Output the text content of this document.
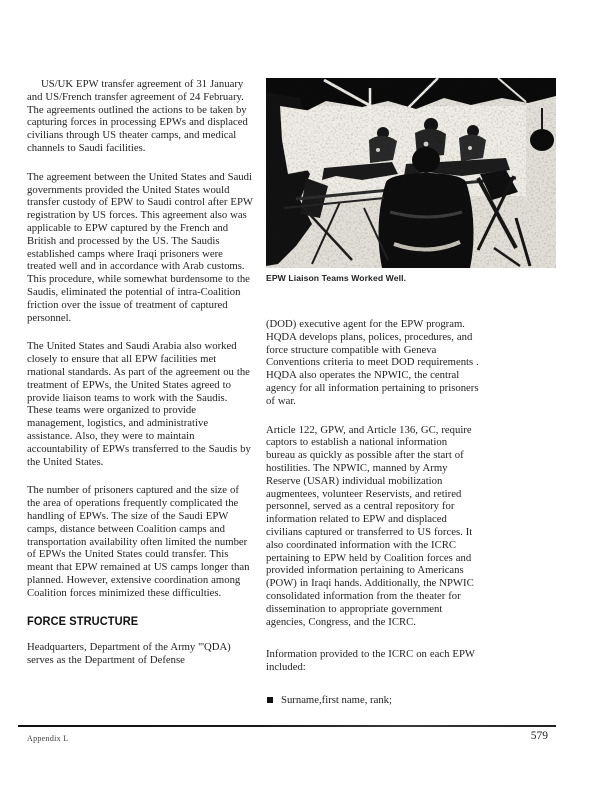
US/UK EPW transfer agreement of 31 January and US/French transfer agreement of 24 February. The agreements outlined the actions to be taken by capturing forces in processing EPWs and displaced civilians through US theater camps, and medical channels to Saudi facilities.

The agreement between the United States and Saudi governments provided the United States would transfer custody of EPW to Saudi control after EPW registration by US forces. This agreement also was applicable to EPW captured by the French and British and processed by the US. The Saudis established camps where Iraqi prisoners were treated well and in accordance with Arab customs. This procedure, while somewhat burdensome to the Saudis, eliminated the potential of intra-Coalition friction over the issue of treatment of captured personnel.

The United States and Saudi Arabia also worked closely to ensure that all EPW facilities met rnational standards. As part of the agreement ou the treatment of EPWs, the United States agreed to provide liaison teams to work with the Saudis. These teams were organized to provide management, logistics, and administrative assistance. Also, they were to maintain accountability of EPWs transferred to the Saudis by the United States.

The number of prisoners captured and the size of the area of operations frequently complicated the handling of EPWs. The size of the Saudi EPW camps, distance between Coalition camps and transportation availability often limited the number of EPWs the United States could transfer. This meant that EPW remained at US camps longer than planned. However, extensive coordination among Coalition forces minimized these difficulties.

FORCE STRUCTURE

Headquarters, Department of the Army '''QDA) serves as the Department of Defense

EPW Liaison Teams Worked Well.

(DOD) executive agent for the EPW program. HQDA develops plans, polices, procedures, and force structure compatible with Geneva Conventions criteria to meet DOD requirements . HQDA also operates the NPWIC, the central agency for all information pertaining to prisoners of war.

Article 122, GPW, and Article 136, GC, require captors to establish a national information bureau as quickly as possible after the start of hostilities. The NPWIC, manned by Army Reserve (USAR) individual mobilization augmentees, volunteer Reservists, and retired personnel, served as a central repository for information related to EPW and displaced civilians captured or transferred to US forces. It also coordinated information with the ICRC pertaining to EPW held by Coalition forces and provided information pertaining to Americans (POW) in Iraqi hands. Additionally, the NPWIC consolidated information from the theater for dissemination to appropriate government agencies, Congress, and the ICRC.

Information provided to the ICRC on each EPW included:

Surname,first name, rank;
Appendix L	579
